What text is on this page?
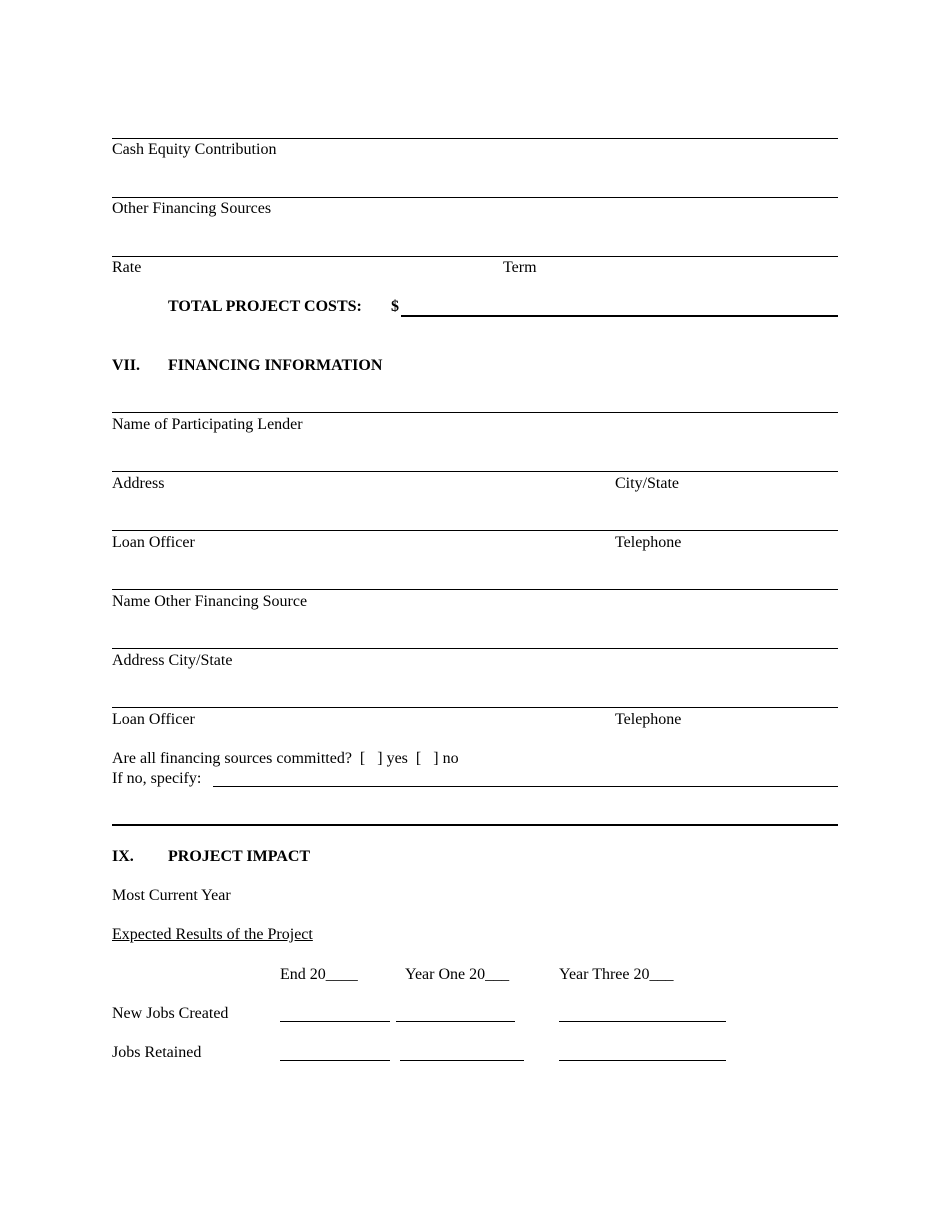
Cash Equity Contribution
Other Financing Sources
Rate	Term
TOTAL PROJECT COSTS: $
VII. FINANCING INFORMATION
Name of Participating Lender
Address	City/State
Loan Officer	Telephone
Name Other Financing Source
Address City/State
Loan Officer	Telephone
Are all financing sources committed? [ ] yes [ ] no
If no, specify:
IX. PROJECT IMPACT
Most Current Year
Expected Results of the Project
End 20____	Year One 20___	Year Three 20___
New Jobs Created
Jobs Retained
